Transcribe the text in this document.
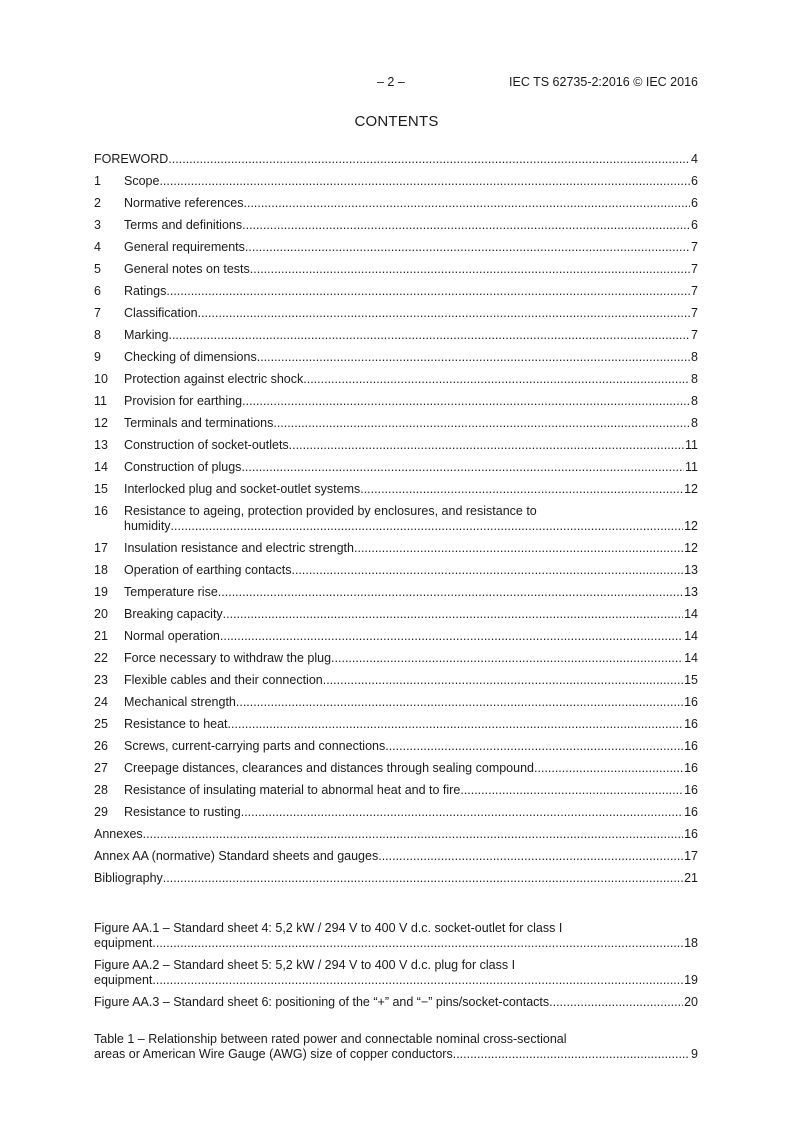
– 2 –	IEC TS 62735-2:2016 © IEC 2016
CONTENTS
FOREWORD .....	4
1	Scope .....	6
2	Normative references .....	6
3	Terms and definitions .....	6
4	General requirements .....	7
5	General notes on tests .....	7
6	Ratings .....	7
7	Classification .....	7
8	Marking .....	7
9	Checking of dimensions .....	8
10	Protection against electric shock .....	8
11	Provision for earthing .....	8
12	Terminals and terminations .....	8
13	Construction of socket-outlets .....	11
14	Construction of plugs .....	11
15	Interlocked plug and socket-outlet systems .....	12
16	Resistance to ageing, protection provided by enclosures, and resistance to
humidity .....	12
17	Insulation resistance and electric strength .....	12
18	Operation of earthing contacts .....	13
19	Temperature rise .....	13
20	Breaking capacity .....	14
21	Normal operation .....	14
22	Force necessary to withdraw the plug .....	14
23	Flexible cables and their connection .....	15
24	Mechanical strength .....	16
25	Resistance to heat .....	16
26	Screws, current-carrying parts and connections .....	16
27	Creepage distances, clearances and distances through sealing compound .....	16
28	Resistance of insulating material to abnormal heat and to fire .....	16
29	Resistance to rusting .....	16
Annexes .....	16
Annex AA (normative) Standard sheets and gauges .....	17
Bibliography .....	21
Figure AA.1 – Standard sheet 4: 5,2 kW / 294 V to 400 V d.c. socket-outlet for class I
equipment .....	18
Figure AA.2 – Standard sheet 5: 5,2 kW / 294 V to 400 V d.c. plug for class I
equipment .....	19
Figure AA.3 – Standard sheet 6: positioning of the “+” and “−” pins/socket-contacts .....	20
Table 1 – Relationship between rated power and connectable nominal cross-sectional
areas or American Wire Gauge (AWG) size of copper conductors .....	9
